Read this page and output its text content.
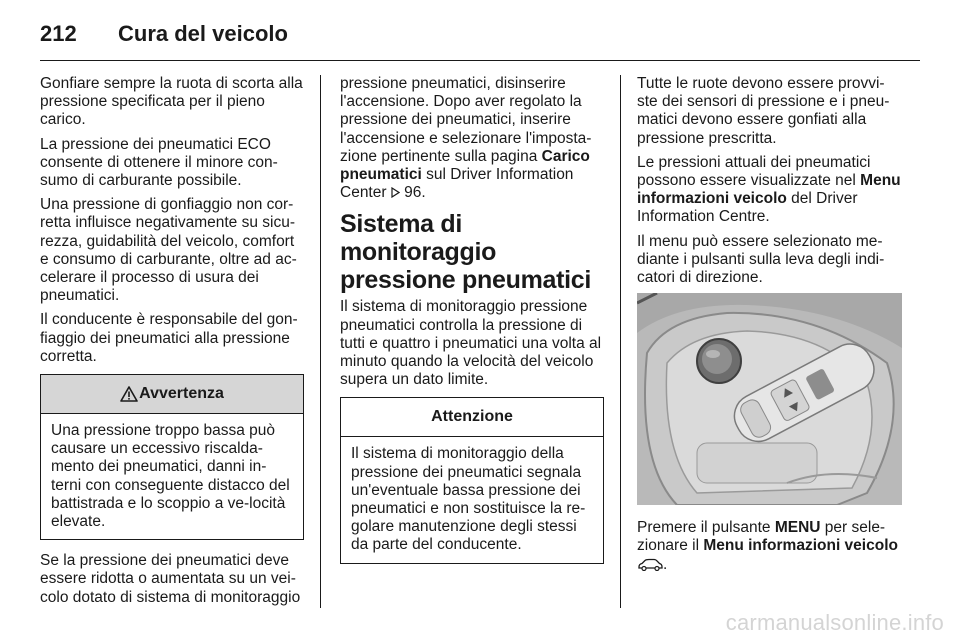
212	Cura del veicolo

Gonfiare sempre la ruota di scorta alla pressione specificata per il pieno carico.

La pressione dei pneumatici ECO consente di ottenere il minore con-sumo di carburante possibile.

Una pressione di gonfiaggio non cor-retta influisce negativamente su sicu-rezza, guidabilità del veicolo, comfort e consumo di carburante, oltre ad ac-celerare il processo di usura dei pneumatici.

Il conducente è responsabile del gon-fiaggio dei pneumatici alla pressione corretta.

Avvertenza
Una pressione troppo bassa può causare un eccessivo riscalda-mento dei pneumatici, danni in-terni con conseguente distacco del battistrada e lo scoppio a ve-locità elevate.

Se la pressione dei pneumatici deve essere ridotta o aumentata su un vei-colo dotato di sistema di monitoraggio

pressione pneumatici, disinserire l'accensione. Dopo aver regolato la pressione dei pneumatici, inserire l'accensione e selezionare l'imposta-zione pertinente sulla pagina Carico pneumatici sul Driver Information Center  96.

Sistema di monitoraggio pressione pneumatici

Il sistema di monitoraggio pressione pneumatici controlla la pressione di tutti e quattro i pneumatici una volta al minuto quando la velocità del veicolo supera un dato limite.

Attenzione
Il sistema di monitoraggio della pressione dei pneumatici segnala un'eventuale bassa pressione dei pneumatici e non sostituisce la re-golare manutenzione degli stessi da parte del conducente.

Tutte le ruote devono essere provvi-ste dei sensori di pressione e i pneu-matici devono essere gonfiati alla pressione prescritta.

Le pressioni attuali dei pneumatici possono essere visualizzate nel Menu informazioni veicolo del Driver Information Centre.

Il menu può essere selezionato me-diante i pulsanti sulla leva degli indi-catori di direzione.

Premere il pulsante MENU per sele-zionare il Menu informazioni veicolo
.

carmanualsonline.info
